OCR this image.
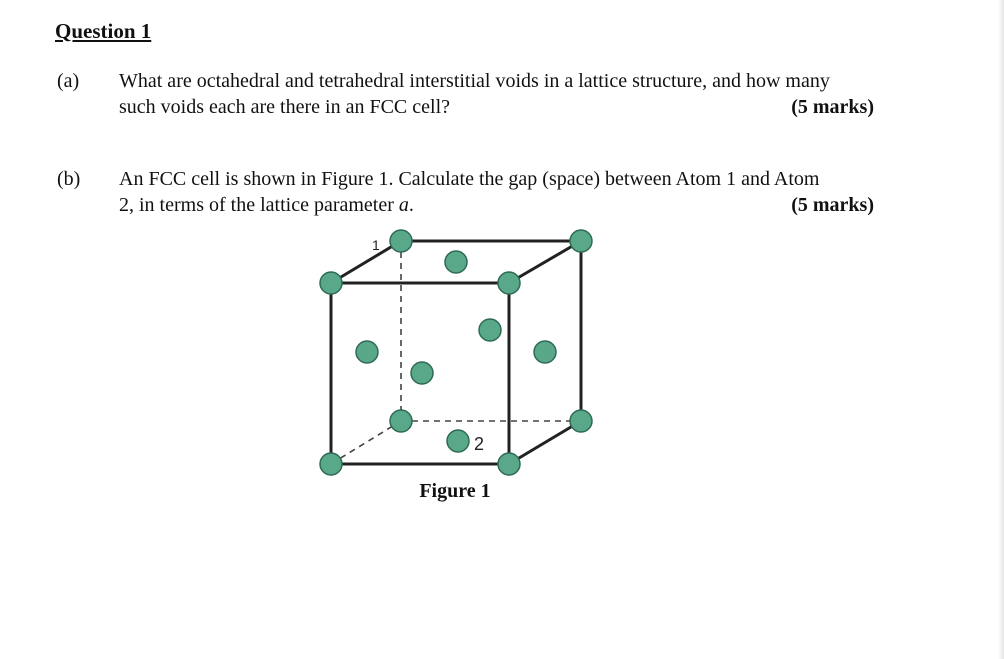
Question 1
(a) What are octahedral and tetrahedral interstitial voids in a lattice structure, and how many
such voids each are there in an FCC cell?	(5 marks)
(b) An FCC cell is shown in Figure 1. Calculate the gap (space) between Atom 1 and Atom
2, in terms of the lattice parameter a.	(5 marks)
1
2
Figure 1
